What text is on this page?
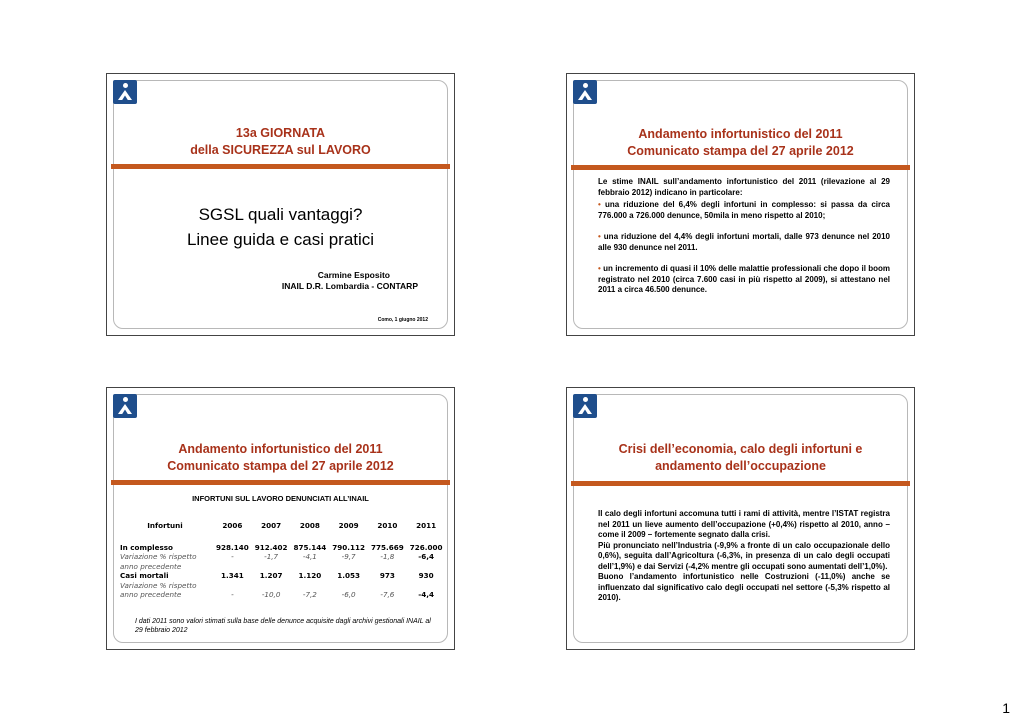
13a GIORNATA
della SICUREZZA sul LAVORO
SGSL quali vantaggi?
Linee guida e casi pratici
Carmine Esposito
INAIL D.R. Lombardia - CONTARP
Como, 1 giugno 2012
Andamento infortunistico del 2011
Comunicato stampa del 27 aprile 2012

Le stime INAIL sull’andamento infortunistico del 2011 (rilevazione al 29 febbraio 2012) indicano in particolare:

• una riduzione del 6,4% degli infortuni in complesso: si passa da circa 776.000 a 726.000 denunce, 50mila in meno rispetto al 2010;

• una riduzione del 4,4% degli infortuni mortali, dalle 973 denunce nel 2010 alle 930 denunce nel 2011.

• un incremento di quasi il 10% delle malattie professionali che dopo il boom registrato nel 2010 (circa 7.600 casi in più rispetto al 2009), si attestano nel 2011 a circa 46.500 denunce.

Andamento infortunistico del 2011
Comunicato stampa del 27 aprile 2012
INFORTUNI SUL LAVORO DENUNCIATI ALL’INAIL
Infortuni	2006	2007	2008	2009	2010	2011

In complesso	928.140	912.402	875.144	790.112	775.669	726.000
Variazione % rispetto	-	-1,7	-4,1	-9,7	-1,8	-6,4
anno precedente						
Casi mortali	1.341	1.207	1.120	1.053	973	930
Variazione % rispetto						
anno precedente	-	-10,0	-7,2	-6,0	-7,6	-4,4
I dati 2011 sono valori stimati sulla base delle denunce acquisite dagli archivi gestionali INAIL al 29 febbraio 2012
Crisi dell’economia, calo degli infortuni e
andamento dell’occupazione

Il calo degli infortuni accomuna tutti i rami di attività, mentre l’ISTAT registra nel 2011 un lieve aumento dell’occupazione (+0,4%) rispetto al 2010, anno – come il 2009 – fortemente segnato dalla crisi.

Più pronunciato nell’Industria (-9,9% a fronte di un calo occupazionale dello 0,6%), seguita dall’Agricoltura (-6,3%, in presenza di un calo degli occupati dell’1,9%) e dai Servizi (-4,2% mentre gli occupati sono aumentati dell’1,0%).

Buono l’andamento infortunistico nelle Costruzioni (-11,0%) anche se influenzato dal significativo calo degli occupati nel settore (-5,3% rispetto al 2010).

1
